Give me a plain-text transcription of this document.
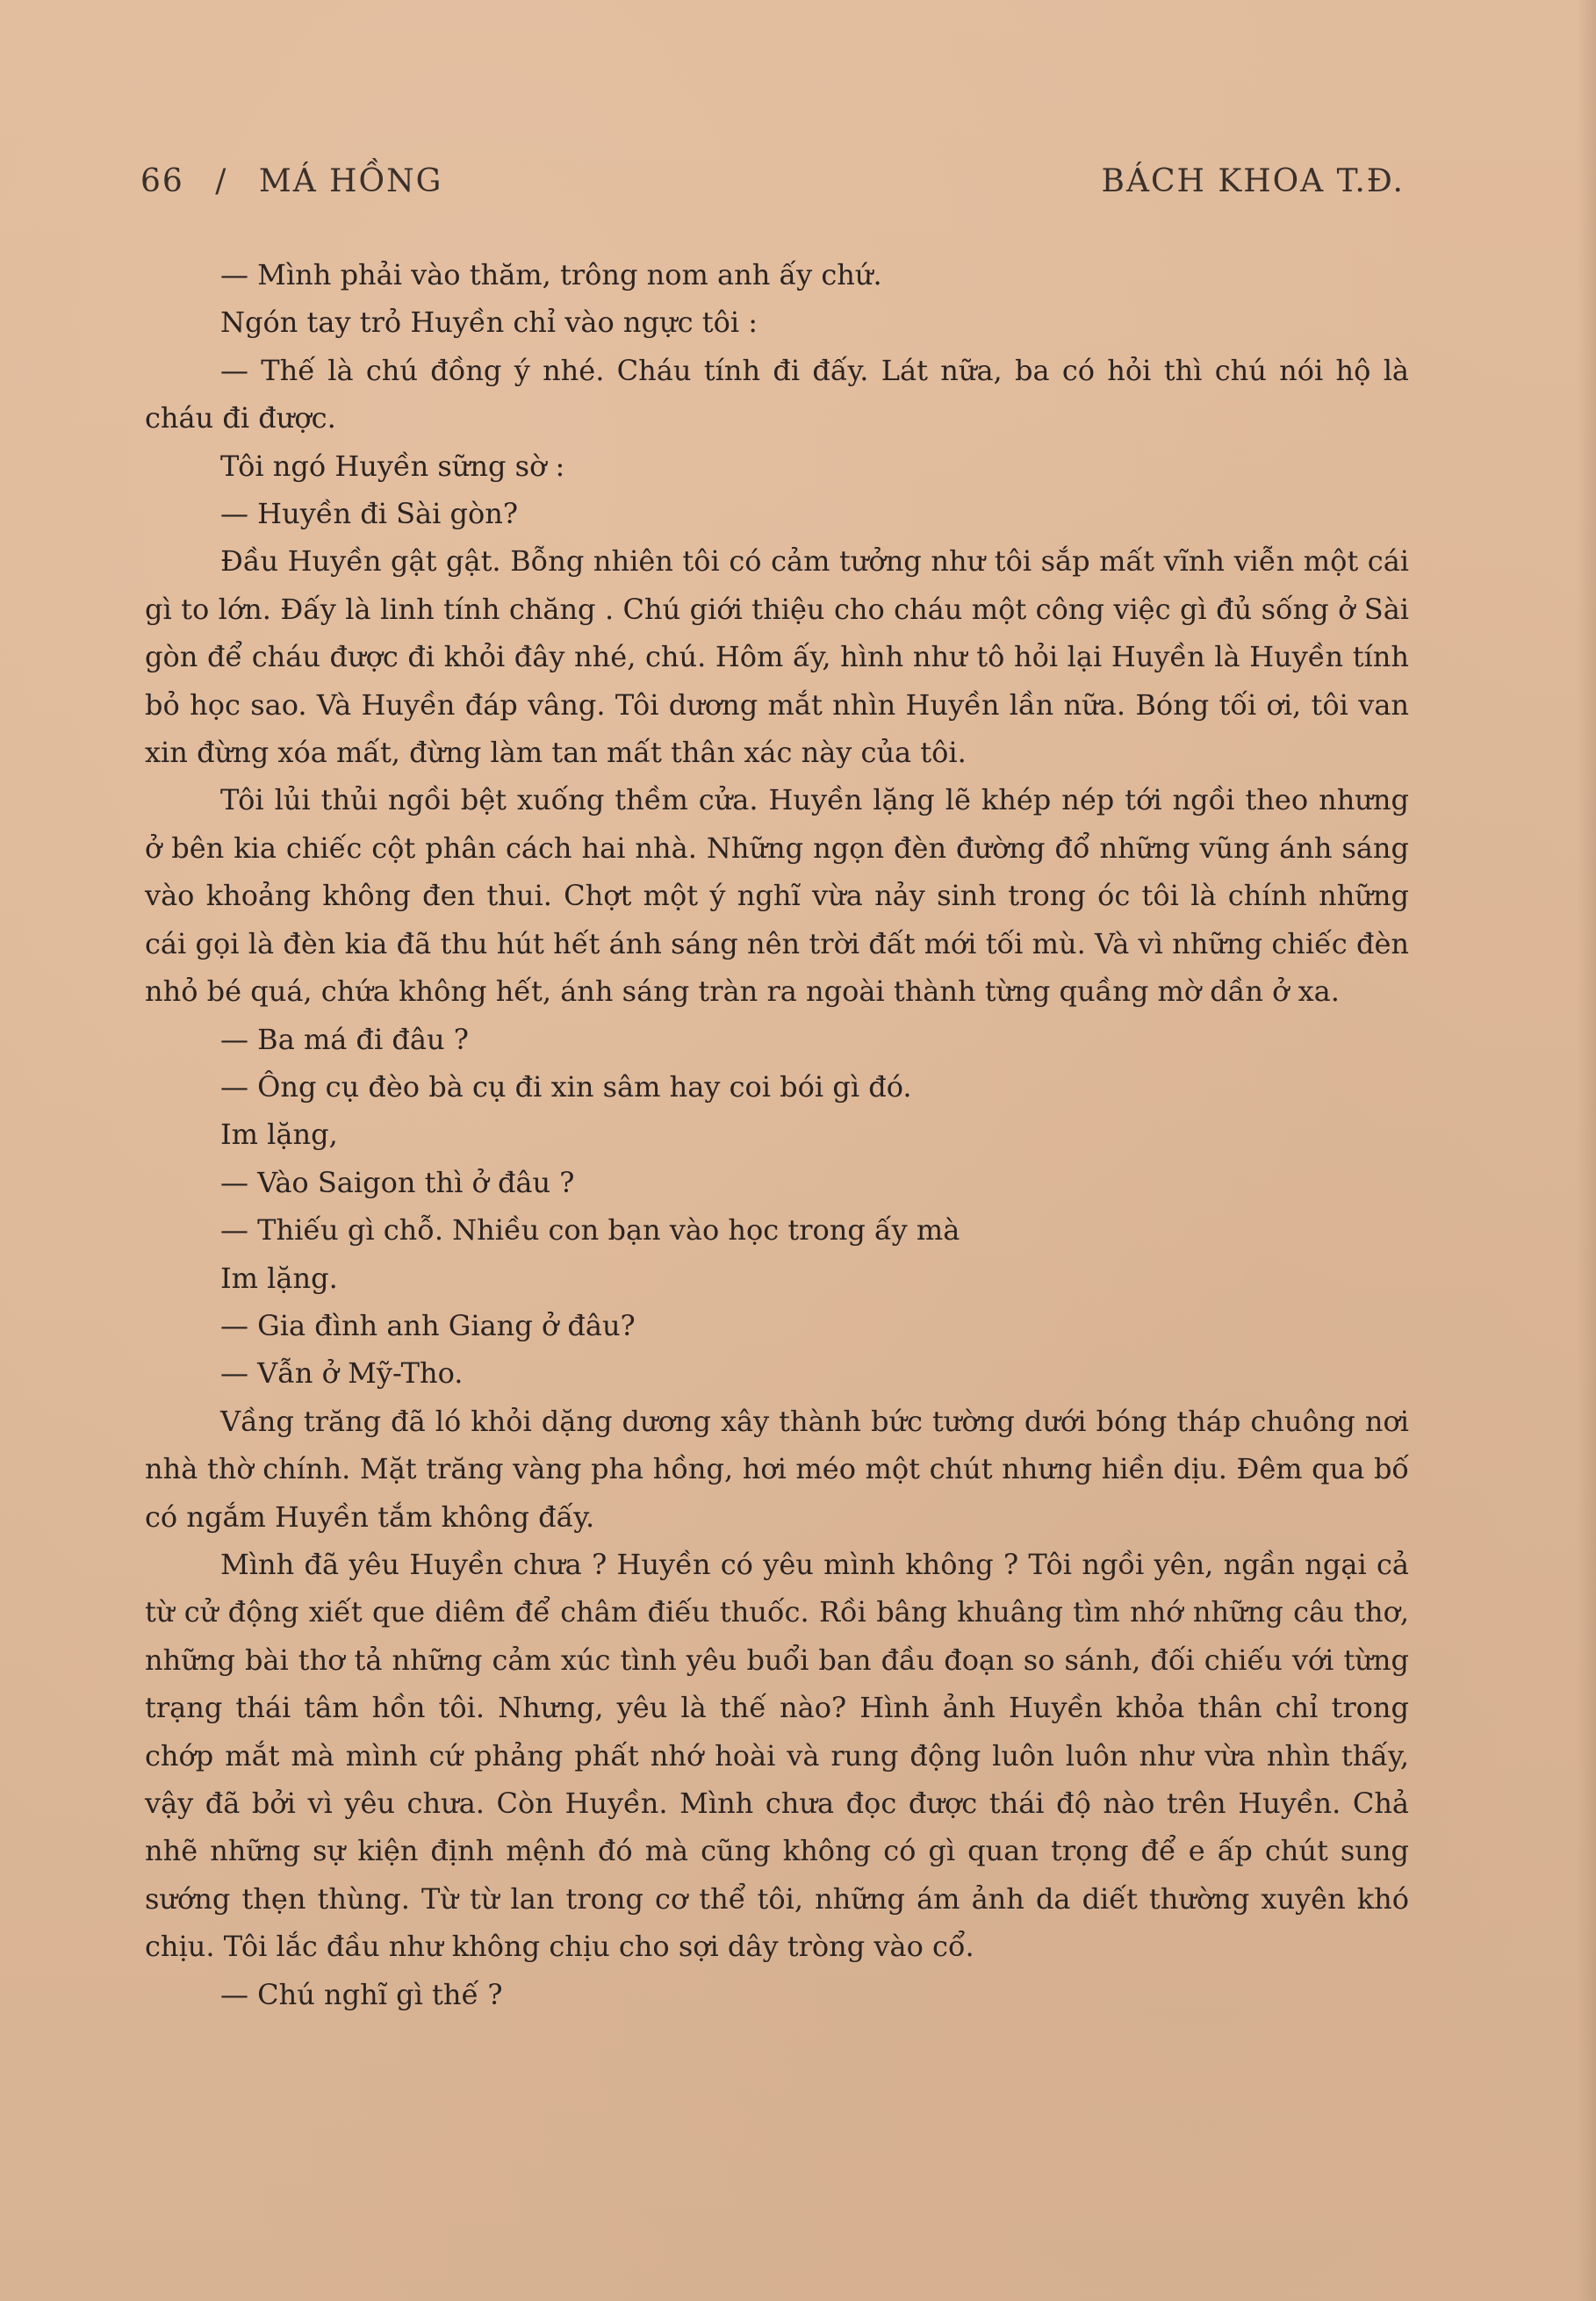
66 / MÁ HỒNG	BÁCH KHOA T.Đ.

— Mình phải vào thăm, trông nom anh ấy chứ.

Ngón tay trỏ Huyền chỉ vào ngực tôi :

— Thế là chú đồng ý nhé. Cháu tính đi đấy. Lát nữa, ba có hỏi thì chú nói hộ là cháu đi được.

Tôi ngó Huyền sững sờ :

— Huyền đi Sài gòn?

Đầu Huyền gật gật. Bỗng nhiên tôi có cảm tưởng như tôi sắp mất vĩnh viễn một cái gì to lớn. Đấy là linh tính chăng . Chú giới thiệu cho cháu một công việc gì đủ sống ở Sài gòn để cháu được đi khỏi đây nhé, chú. Hôm ấy, hình như tô hỏi lại Huyền là Huyền tính bỏ học sao. Và Huyền đáp vâng. Tôi dương mắt nhìn Huyền lần nữa. Bóng tối ơi, tôi van xin đừng xóa mất, đừng làm tan mất thân xác này của tôi.

Tôi lủi thủi ngồi bệt xuống thềm cửa. Huyền lặng lẽ khép nép tới ngồi theo nhưng ở bên kia chiếc cột phân cách hai nhà. Những ngọn đèn đường đổ những vũng ánh sáng vào khoảng không đen thui. Chợt một ý nghĩ vừa nảy sinh trong óc tôi là chính những cái gọi là đèn kia đã thu hút hết ánh sáng nên trời đất mới tối mù. Và vì những chiếc đèn nhỏ bé quá, chứa không hết, ánh sáng tràn ra ngoài thành từng quầng mờ dần ở xa.

— Ba má đi đâu ?

— Ông cụ đèo bà cụ đi xin sâm hay coi bói gì đó.

Im lặng,

— Vào Saigon thì ở đâu ?

— Thiếu gì chỗ. Nhiều con bạn vào học trong ấy mà

Im lặng.

— Gia đình anh Giang ở đâu?

— Vẫn ở Mỹ-Tho.

Vầng trăng đã ló khỏi dặng dương xây thành bức tường dưới bóng tháp chuông nơi nhà thờ chính. Mặt trăng vàng pha hồng, hơi méo một chút nhưng hiền dịu. Đêm qua bố có ngắm Huyền tắm không đấy.

Mình đã yêu Huyền chưa ? Huyền có yêu mình không ? Tôi ngồi yên, ngần ngại cả từ cử động xiết que diêm để châm điếu thuốc. Rồi bâng khuâng tìm nhớ những câu thơ, những bài thơ tả những cảm xúc tình yêu buổi ban đầu đoạn so sánh, đối chiếu với từng trạng thái tâm hồn tôi. Nhưng, yêu là thế nào? Hình ảnh Huyền khỏa thân chỉ trong chớp mắt mà mình cứ phảng phất nhớ hoài và rung động luôn luôn như vừa nhìn thấy, vậy đã bởi vì yêu chưa. Còn Huyền. Mình chưa đọc được thái độ nào trên Huyền. Chả nhẽ những sự kiện định mệnh đó mà cũng không có gì quan trọng để e ấp chút sung sướng thẹn thùng. Từ từ lan trong cơ thể tôi, những ám ảnh da diết thường xuyên khó chịu. Tôi lắc đầu như không chịu cho sợi dây tròng vào cổ.

— Chú nghĩ gì thế ?
